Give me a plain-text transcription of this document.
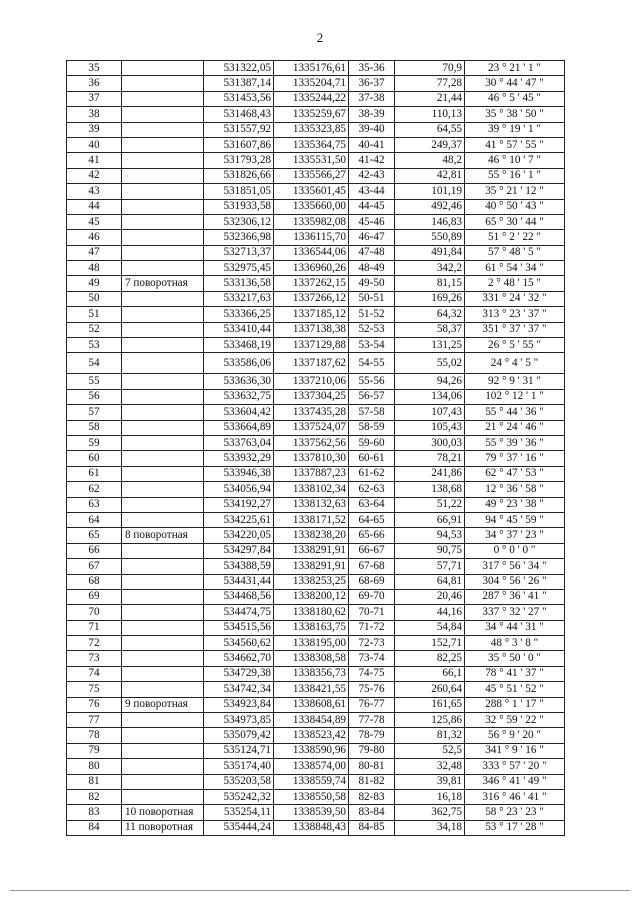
2
35		531322,05	1335176,61	35-36	70,9	23 ° 21 ' 1 "
36		531387,14	1335204,71	36-37	77,28	30 ° 44 ' 47 "
37		531453,56	1335244,22	37-38	21,44	46 ° 5 ' 45 "
38		531468,43	1335259,67	38-39	110,13	35 ° 38 ' 50 "
39		531557,92	1335323,85	39-40	64,55	39 ° 19 ' 1 "
40		531607,86	1335364,75	40-41	249,37	41 ° 57 ' 55 "
41		531793,28	1335531,50	41-42	48,2	46 ° 10 ' 7 "
42		531826,66	1335566,27	42-43	42,81	55 ° 16 ' 1 "
43		531851,05	1335601,45	43-44	101,19	35 ° 21 ' 12 "
44		531933,58	1335660,00	44-45	492,46	40 ° 50 ' 43 "
45		532306,12	1335982,08	45-46	146,83	65 ° 30 ' 44 "
46		532366,98	1336115,70	46-47	550,89	51 ° 2 ' 22 "
47		532713,37	1336544,06	47-48	491,84	57 ° 48 ' 5 "
48		532975,45	1336960,26	48-49	342,2	61 ° 54 ' 34 "
49	7 поворотная	533136,58	1337262,15	49-50	81,15	2 ° 48 ' 15 "
50		533217,63	1337266,12	50-51	169,26	331 ° 24 ' 32 "
51		533366,25	1337185,12	51-52	64,32	313 ° 23 ' 37 "
52		533410,44	1337138,38	52-53	58,37	351 ° 37 ' 37 "
53		533468,19	1337129,88	53-54	131,25	26 ° 5 ' 55 "
54		533586,06	1337187,62	54-55	55,02	24 ° 4 ' 5 "
55		533636,30	1337210,06	55-56	94,26	92 ° 9 ' 31 "
56		533632,75	1337304,25	56-57	134,06	102 ° 12 ' 1 "
57		533604,42	1337435,28	57-58	107,43	55 ° 44 ' 36 "
58		533664,89	1337524,07	58-59	105,43	21 ° 24 ' 46 "
59		533763,04	1337562,56	59-60	300,03	55 ° 39 ' 36 "
60		533932,29	1337810,30	60-61	78,21	79 ° 37 ' 16 "
61		533946,38	1337887,23	61-62	241,86	62 ° 47 ' 53 "
62		534056,94	1338102,34	62-63	138,68	12 ° 36 ' 58 "
63		534192,27	1338132,63	63-64	51,22	49 ° 23 ' 38 "
64		534225,61	1338171,52	64-65	66,91	94 ° 45 ' 59 "
65	8 поворотная	534220,05	1338238,20	65-66	94,53	34 ° 37 ' 23 "
66		534297,84	1338291,91	66-67	90,75	0 ° 0 ' 0 "
67		534388,59	1338291,91	67-68	57,71	317 ° 56 ' 34 "
68		534431,44	1338253,25	68-69	64,81	304 ° 56 ' 26 "
69		534468,56	1338200,12	69-70	20,46	287 ° 36 ' 41 "
70		534474,75	1338180,62	70-71	44,16	337 ° 32 ' 27 "
71		534515,56	1338163,75	71-72	54,84	34 ° 44 ' 31 "
72		534560,62	1338195,00	72-73	152,71	48 ° 3 ' 8 "
73		534662,70	1338308,58	73-74	82,25	35 ° 50 ' 0 "
74		534729,38	1338356,73	74-75	66,1	78 ° 41 ' 37 "
75		534742,34	1338421,55	75-76	260,64	45 ° 51 ' 52 "
76	9 поворотная	534923,84	1338608,61	76-77	161,65	288 ° 1 ' 17 "
77		534973,85	1338454,89	77-78	125,86	32 ° 59 ' 22 "
78		535079,42	1338523,42	78-79	81,32	56 ° 9 ' 20 "
79		535124,71	1338590,96	79-80	52,5	341 ° 9 ' 16 "
80		535174,40	1338574,00	80-81	32,48	333 ° 57 ' 20 "
81		535203,58	1338559,74	81-82	39,81	346 ° 41 ' 49 "
82		535242,32	1338550,58	82-83	16,18	316 ° 46 ' 41 "
83	10 поворотная	535254,11	1338539,50	83-84	362,75	58 ° 23 ' 23 "
84	11 поворотная	535444,24	1338848,43	84-85	34,18	53 ° 17 ' 28 "
